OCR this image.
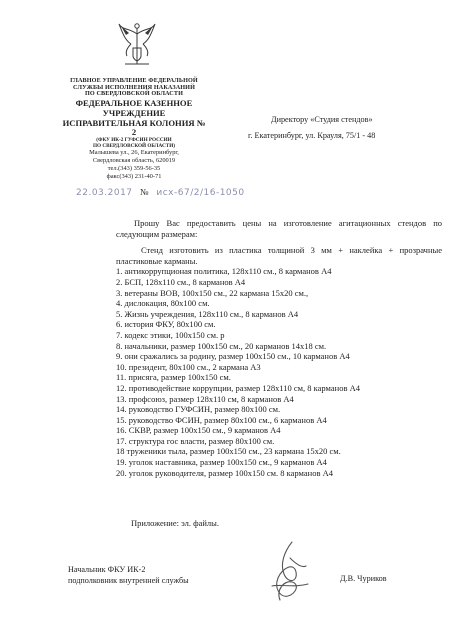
ГЛАВНОЕ УПРАВЛЕНИЕ ФЕДЕРАЛЬНОЙ
СЛУЖБЫ ИСПОЛНЕНИЯ НАКАЗАНИЙ
ПО СВЕРДЛОВСКОЙ ОБЛАСТИ
ФЕДЕРАЛЬНОЕ КАЗЕННОЕ
УЧРЕЖДЕНИЕ
ИСПРАВИТЕЛЬНАЯ КОЛОНИЯ № 2
(ФКУ ИК-2 ГУФСИН РОССИИ
ПО СВЕРДЛОВСКОЙ ОБЛАСТИ)
Малышева ул., 26, Екатеринбург,
Свердловская область, 620019
тел.(343) 359-56-35
факс(343) 231-40-71
22.03.2017 № исх-67/2/16-1050
Директору «Студия стендов»
г. Екатеринбург, ул. Крауля, 75/1 - 48

Прошу Вас предоставить цены на изготовление агитационных стендов по следующим размерам:

Стенд изготовить из пластика толщиной 3 мм + наклейка + прозрачные пластиковые карманы.

1. антикоррупционая политика, 128х110 см., 8 карманов А4
2. БСП, 128х110 см., 8 карманов А4
3. ветераны ВОВ, 100х150 см., 22 кармана 15х20 см.,
4. дислокация, 80х100 см.
5. Жизнь учреждения, 128х110 см., 8 карманов А4
6. история ФКУ, 80х100 см.
7. кодекс этики, 100х150 см. р
8. начальники, размер 100х150 см., 20 карманов 14х18 см.
9. они сражались за родину, размер 100х150 см., 10 карманов А4
10. президент, 80х100 см., 2 кармана А3
11. присяга, размер 100х150 см.
12. противодействие коррупции, размер 128х110 см, 8 карманов А4
13. профсоюз, размер 128х110 см, 8 карманов А4
14. руководство ГУФСИН, размер 80х100 см.
15. руководство ФСИН, размер 80х100 см., 6 карманов А4
16. СКВР, размер 100х150 см., 9 карманов А4
17. структура гос власти, размер 80х100 см.
18 труженики тыла, размер 100х150 см., 23 кармана 15х20 см.
19. уголок наставника, размер 100х150 см., 9 карманов А4
20. уголок руководителя, размер 100х150 см. 8 карманов А4
Приложение: эл. файлы.
Начальник ФКУ ИК-2
подполковник внутренней службы	Д.В. Чуриков
